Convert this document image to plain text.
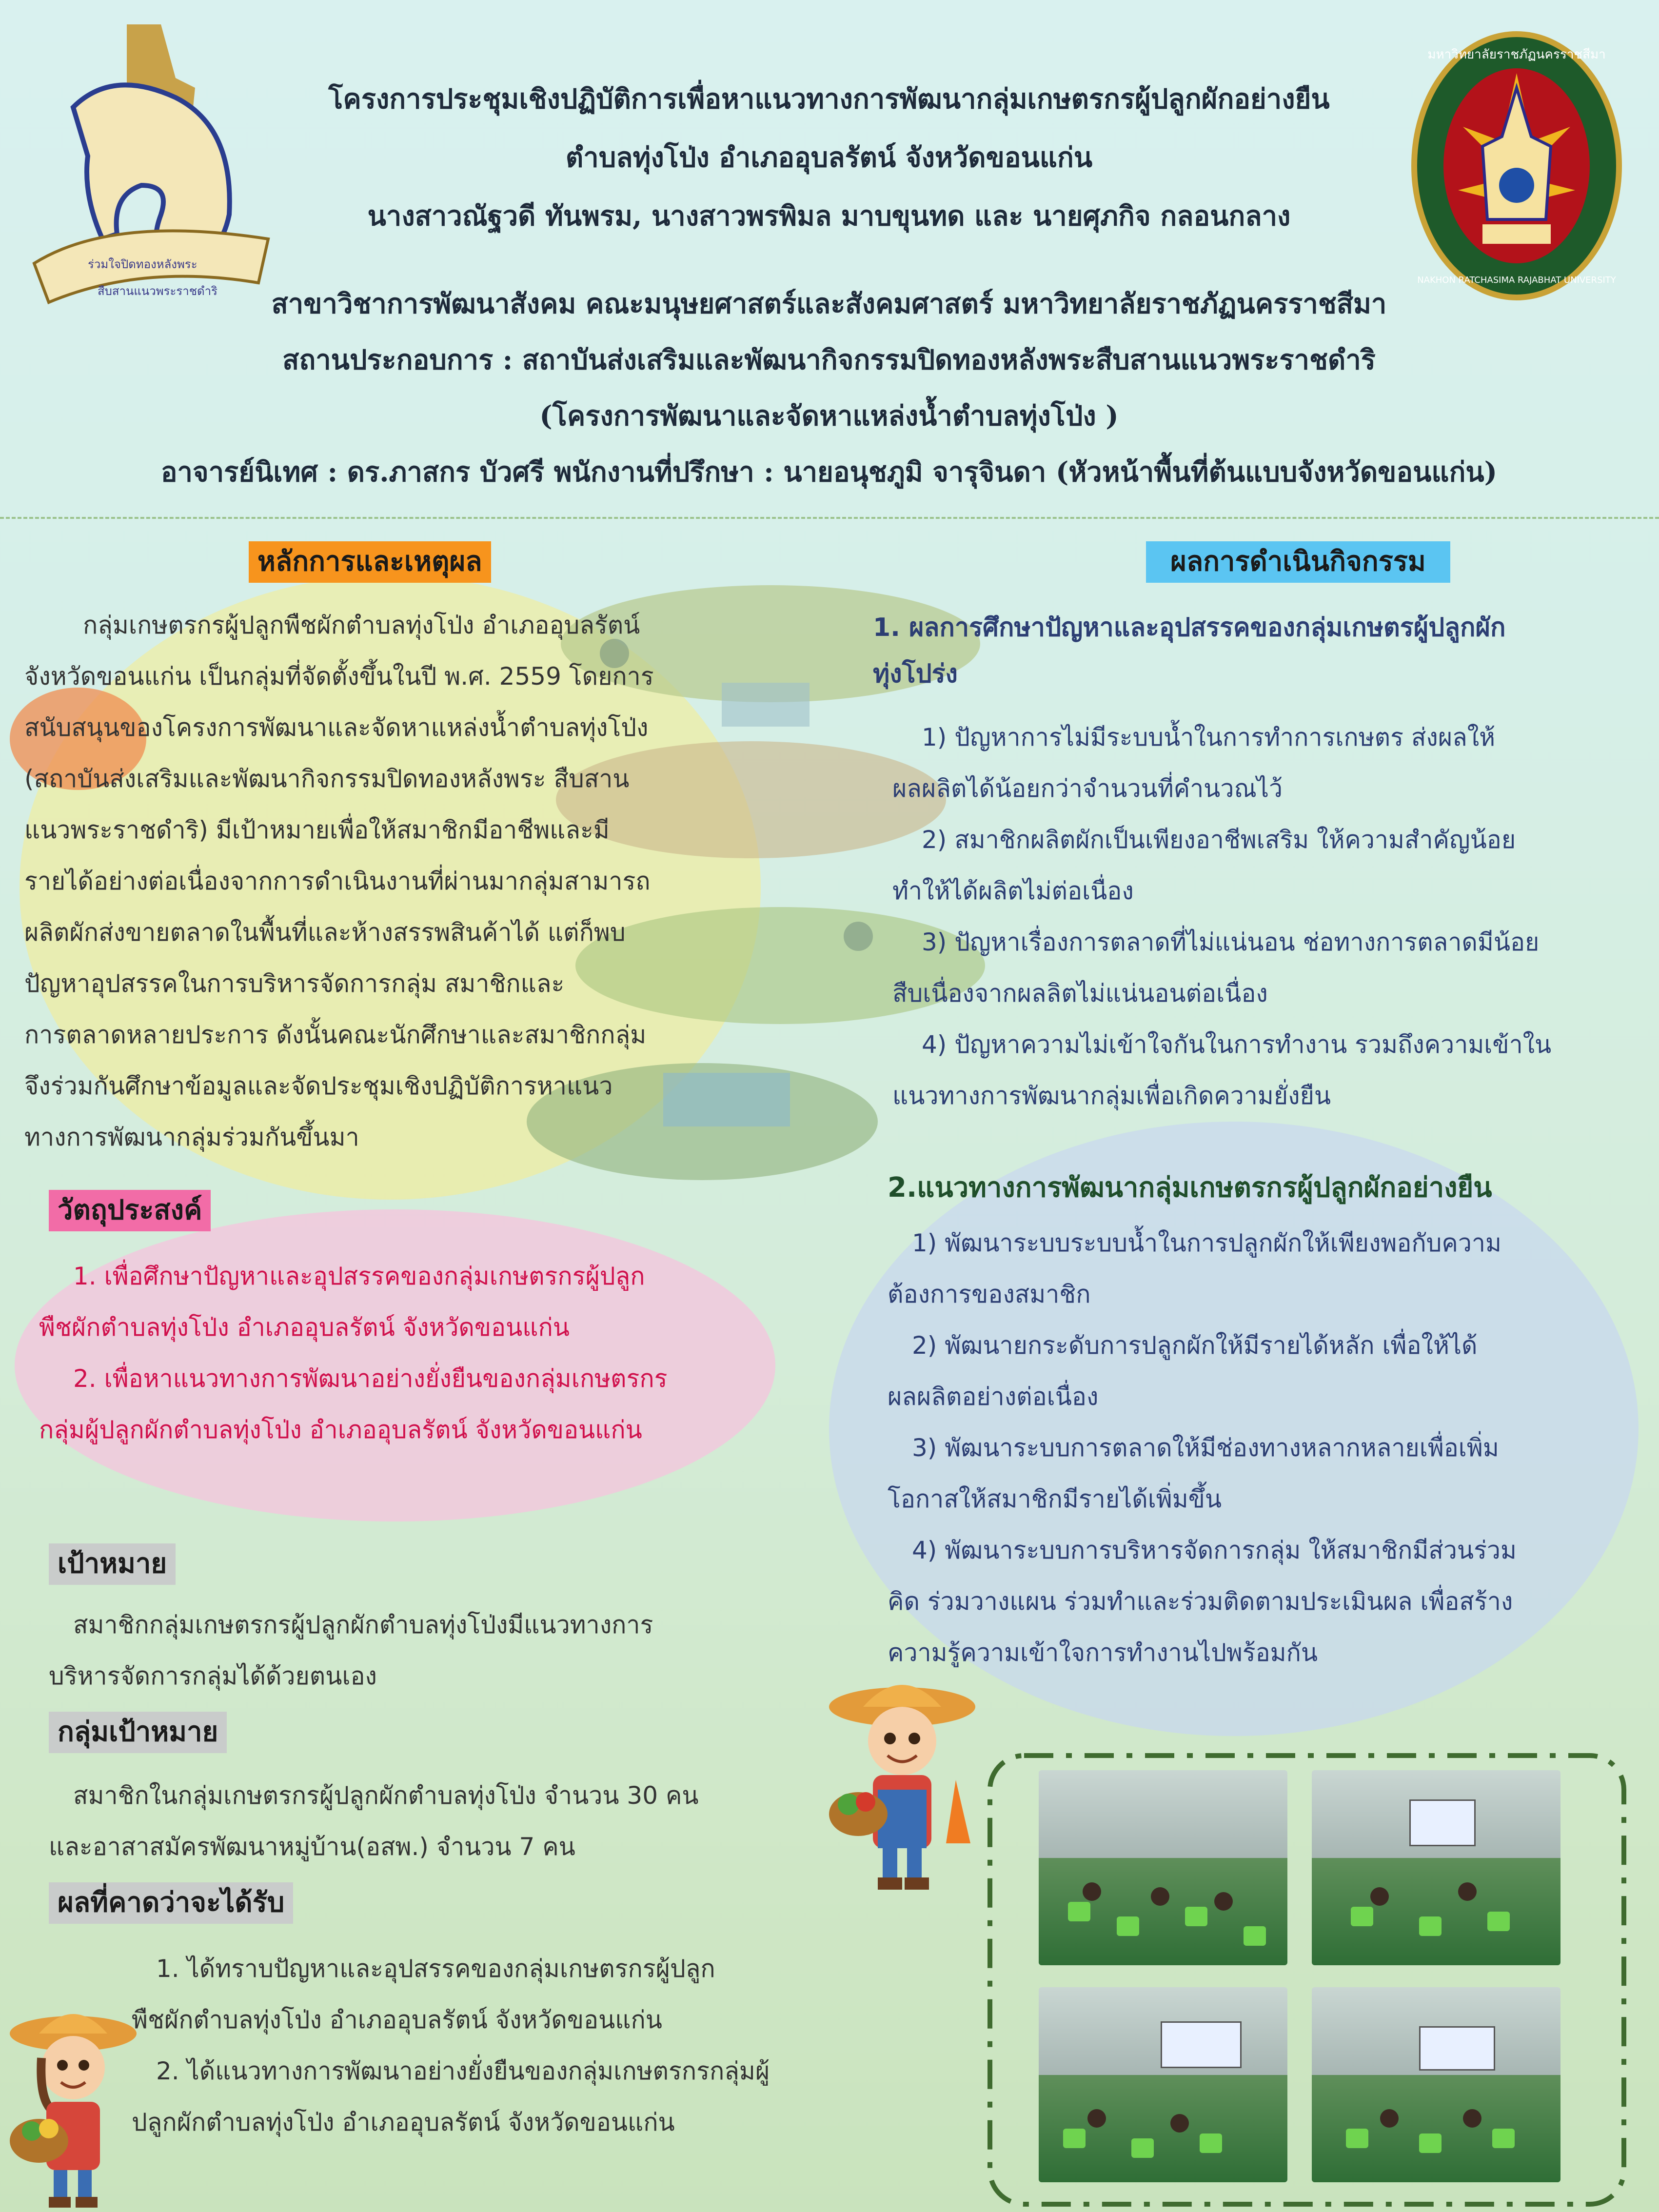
ร่วมใจปิดทองหลังพระ
สืบสานแนวพระราชดำริ
มหาวิทยาลัยราชภัฏนครราชสีมา
NAKHON RATCHASIMA RAJABHAT UNIVERSITY
โครงการประชุมเชิงปฏิบัติการเพื่อหาแนวทางการพัฒนากลุ่มเกษตรกรผู้ปลูกผักอย่างยืน
ตำบลทุ่งโป่ง อำเภออุบลรัตน์ จังหวัดขอนแก่น
นางสาวณัฐวดี ทันพรม, นางสาวพรพิมล มาบขุนทด และ นายศุภกิจ กลอนกลาง
สาขาวิชาการพัฒนาสังคม คณะมนุษยศาสตร์และสังคมศาสตร์ มหาวิทยาลัยราชภัฏนครราชสีมา
สถานประกอบการ : สถาบันส่งเสริมและพัฒนากิจกรรมปิดทองหลังพระสืบสานแนวพระราชดำริ
(โครงการพัฒนาและจัดหาแหล่งน้ำตำบลทุ่งโป่ง )
อาจารย์นิเทศ : ดร.ภาสกร บัวศรี พนักงานที่ปรึกษา : นายอนุชภูมิ จารุจินดา (หัวหน้าพื้นที่ต้นแบบจังหวัดขอนแก่น)
หลักการและเหตุผล
กลุ่มเกษตรกรผู้ปลูกพืชผักตำบลทุ่งโป่ง อำเภออุบลรัตน์
จังหวัดขอนแก่น เป็นกลุ่มที่จัดตั้งขึ้นในปี พ.ศ. 2559 โดยการ
สนับสนุนของโครงการพัฒนาและจัดหาแหล่งน้ำตำบลทุ่งโป่ง
(สถาบันส่งเสริมและพัฒนากิจกรรมปิดทองหลังพระ สืบสาน
แนวพระราชดำริ) มีเป้าหมายเพื่อให้สมาชิกมีอาชีพและมี
รายได้อย่างต่อเนื่องจากการดำเนินงานที่ผ่านมากลุ่มสามารถ
ผลิตผักส่งขายตลาดในพื้นที่และห้างสรรพสินค้าได้ แต่ก็พบ
ปัญหาอุปสรรคในการบริหารจัดการกลุ่ม สมาชิกและ
การตลาดหลายประการ ดังนั้นคณะนักศึกษาและสมาชิกกลุ่ม
จึงร่วมกันศึกษาข้อมูลและจัดประชุมเชิงปฏิบัติการหาแนว
ทางการพัฒนากลุ่มร่วมกันขึ้นมา
วัตถุประสงค์
1. เพื่อศึกษาปัญหาและอุปสรรคของกลุ่มเกษตรกรผู้ปลูก
พืชผักตำบลทุ่งโป่ง อำเภออุบลรัตน์ จังหวัดขอนแก่น
2. เพื่อหาแนวทางการพัฒนาอย่างยั่งยืนของกลุ่มเกษตรกร
กลุ่มผู้ปลูกผักตำบลทุ่งโป่ง อำเภออุบลรัตน์ จังหวัดขอนแก่น
เป้าหมาย
สมาชิกกลุ่มเกษตรกรผู้ปลูกผักตำบลทุ่งโป่งมีแนวทางการ
บริหารจัดการกลุ่มได้ด้วยตนเอง
กลุ่มเป้าหมาย
สมาชิกในกลุ่มเกษตรกรผู้ปลูกผักตำบลทุ่งโป่ง จำนวน 30 คน
และอาสาสมัครพัฒนาหมู่บ้าน(อสพ.) จำนวน 7 คน
ผลที่คาดว่าจะได้รับ
1. ได้ทราบปัญหาและอุปสรรคของกลุ่มเกษตรกรผู้ปลูก
พืชผักตำบลทุ่งโป่ง อำเภออุบลรัตน์ จังหวัดขอนแก่น
2. ได้แนวทางการพัฒนาอย่างยั่งยืนของกลุ่มเกษตรกรกลุ่มผู้
ปลูกผักตำบลทุ่งโป่ง อำเภออุบลรัตน์ จังหวัดขอนแก่น
ผลการดำเนินกิจกรรม
1. ผลการศึกษาปัญหาและอุปสรรคของกลุ่มเกษตรผู้ปลูกผัก
ทุ่งโปร่ง
1) ปัญหาการไม่มีระบบน้ำในการทำการเกษตร ส่งผลให้
ผลผลิตได้น้อยกว่าจำนวนที่คำนวณไว้
2) สมาชิกผลิตผักเป็นเพียงอาชีพเสริม ให้ความสำคัญน้อย
ทำให้ได้ผลิตไม่ต่อเนื่อง
3) ปัญหาเรื่องการตลาดที่ไม่แน่นอน ช่อทางการตลาดมีน้อย
สืบเนื่องจากผลลิตไม่แน่นอนต่อเนื่อง
4) ปัญหาความไม่เข้าใจกันในการทำงาน รวมถึงความเข้าใน
แนวทางการพัฒนากลุ่มเพื่อเกิดความยั่งยืน
2.แนวทางการพัฒนากลุ่มเกษตรกรผู้ปลูกผักอย่างยืน
1) พัฒนาระบบระบบน้ำในการปลูกผักให้เพียงพอกับความ
ต้องการของสมาชิก
2) พัฒนายกระดับการปลูกผักให้มีรายได้หลัก เพื่อให้ได้
ผลผลิตอย่างต่อเนื่อง
3) พัฒนาระบบการตลาดให้มีช่องทางหลากหลายเพื่อเพิ่ม
โอกาสให้สมาชิกมีรายได้เพิ่มขึ้น
4) พัฒนาระบบการบริหารจัดการกลุ่ม ให้สมาชิกมีส่วนร่วม
คิด ร่วมวางแผน ร่วมทำและร่วมติดตามประเมินผล เพื่อสร้าง
ความรู้ความเข้าใจการทำงานไปพร้อมกัน
